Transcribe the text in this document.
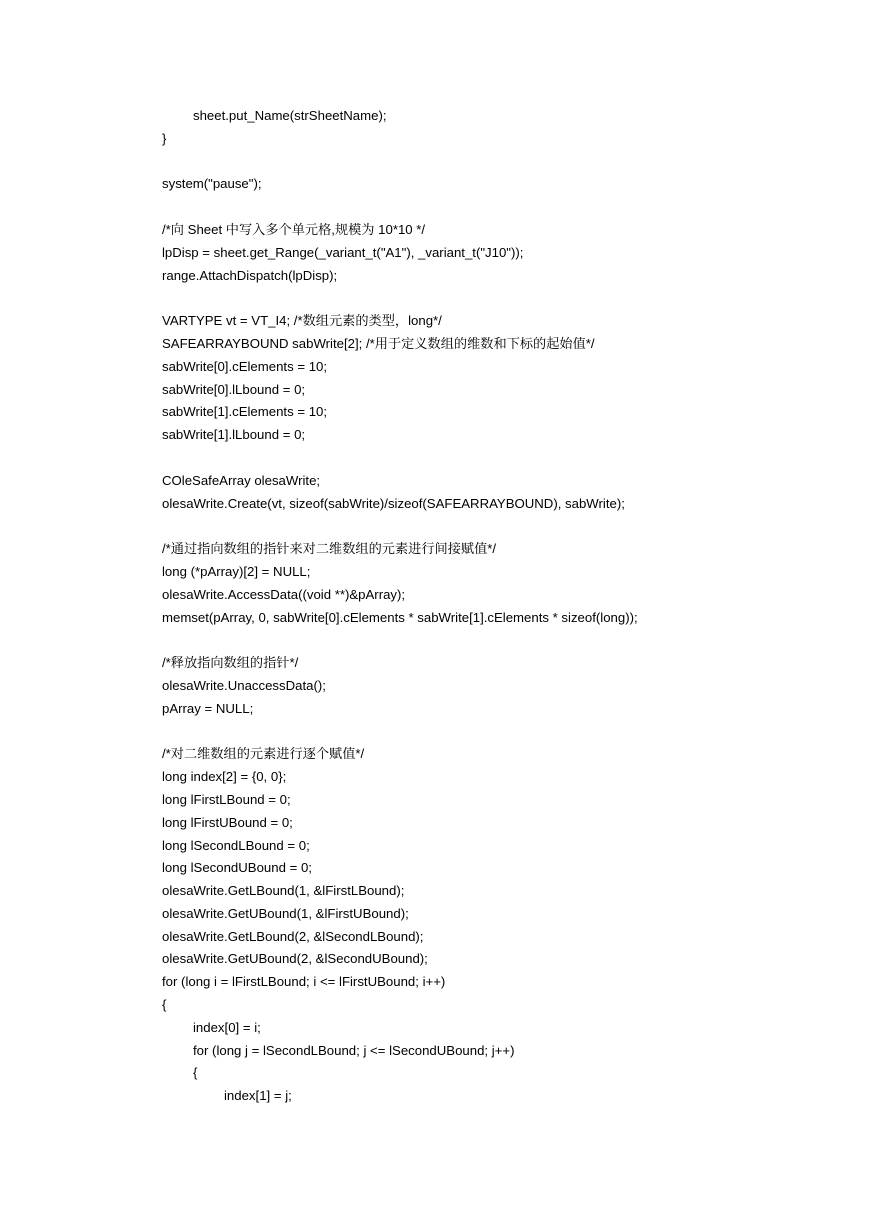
sheet.put_Name(strSheetName);
}
system("pause");
/*向 Sheet 中写入多个单元格,规模为 10*10 */
lpDisp = sheet.get_Range(_variant_t("A1"), _variant_t("J10"));
range.AttachDispatch(lpDisp);
VARTYPE vt = VT_I4; /*数组元素的类型，long*/
SAFEARRAYBOUND sabWrite[2]; /*用于定义数组的维数和下标的起始值*/
sabWrite[0].cElements = 10;
sabWrite[0].lLbound = 0;
sabWrite[1].cElements = 10;
sabWrite[1].lLbound = 0;
COleSafeArray olesaWrite;
olesaWrite.Create(vt, sizeof(sabWrite)/sizeof(SAFEARRAYBOUND), sabWrite);
/*通过指向数组的指针来对二维数组的元素进行间接赋值*/
long (*pArray)[2] = NULL;
olesaWrite.AccessData((void **)&pArray);
memset(pArray, 0, sabWrite[0].cElements * sabWrite[1].cElements * sizeof(long));
/*释放指向数组的指针*/
olesaWrite.UnaccessData();
pArray = NULL;
/*对二维数组的元素进行逐个赋值*/
long index[2] = {0, 0};
long lFirstLBound = 0;
long lFirstUBound = 0;
long lSecondLBound = 0;
long lSecondUBound = 0;
olesaWrite.GetLBound(1, &lFirstLBound);
olesaWrite.GetUBound(1, &lFirstUBound);
olesaWrite.GetLBound(2, &lSecondLBound);
olesaWrite.GetUBound(2, &lSecondUBound);
for (long i = lFirstLBound; i <= lFirstUBound; i++)
{
index[0] = i;
for (long j = lSecondLBound; j <= lSecondUBound; j++)
{
index[1] = j;
